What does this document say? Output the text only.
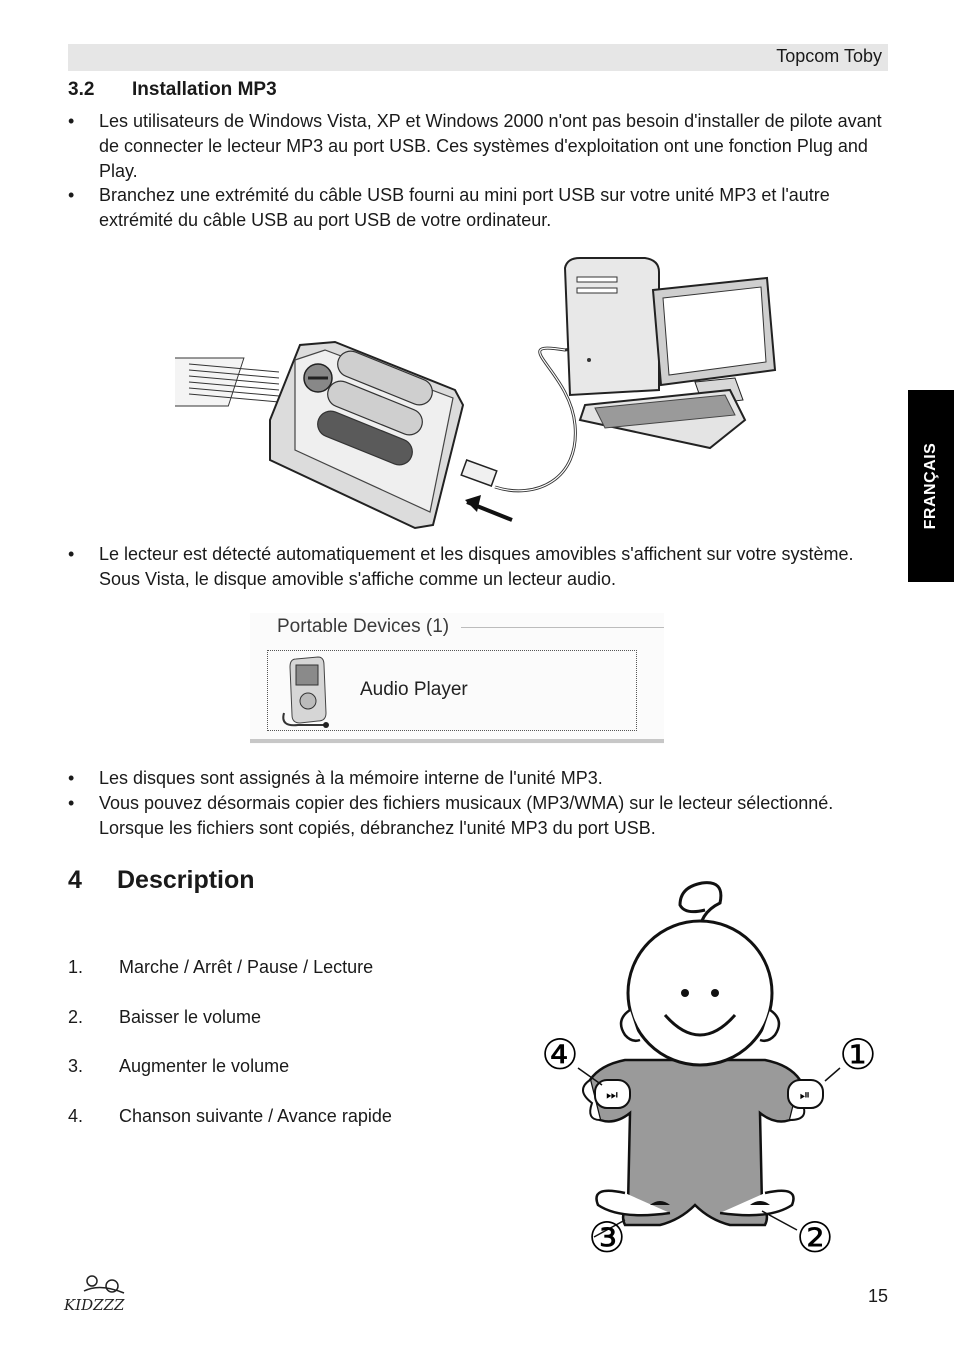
Topcom Toby
3.2 Installation MP3
• Les utilisateurs de Windows Vista, XP et Windows 2000 n'ont pas besoin d'installer de pilote avant de connecter le lecteur MP3 au port USB. Ces systèmes d'exploitation ont une fonction Plug and Play.
• Branchez une extrémité du câble USB fourni au mini port USB sur votre unité MP3 et l'autre extrémité du câble USB au port USB de votre ordinateur.
• Le lecteur est détecté automatiquement et les disques amovibles s'affichent sur votre système. Sous Vista, le disque amovible s'affiche comme un lecteur audio.
Portable Devices (1)
Audio Player
• Les disques sont assignés à la mémoire interne de l'unité MP3.
• Vous pouvez désormais copier des fichiers musicaux (MP3/WMA) sur le lecteur sélectionné. Lorsque les fichiers sont copiés, débranchez l'unité MP3 du port USB.
FRANÇAIS
4 Description
1. Marche / Arrêt / Pause / Lecture
2. Baisser le volume
3. Augmenter le volume
4. Chanson suivante / Avance rapide
⏭	⏯
④	①
③	②
KIDZZZ	15
